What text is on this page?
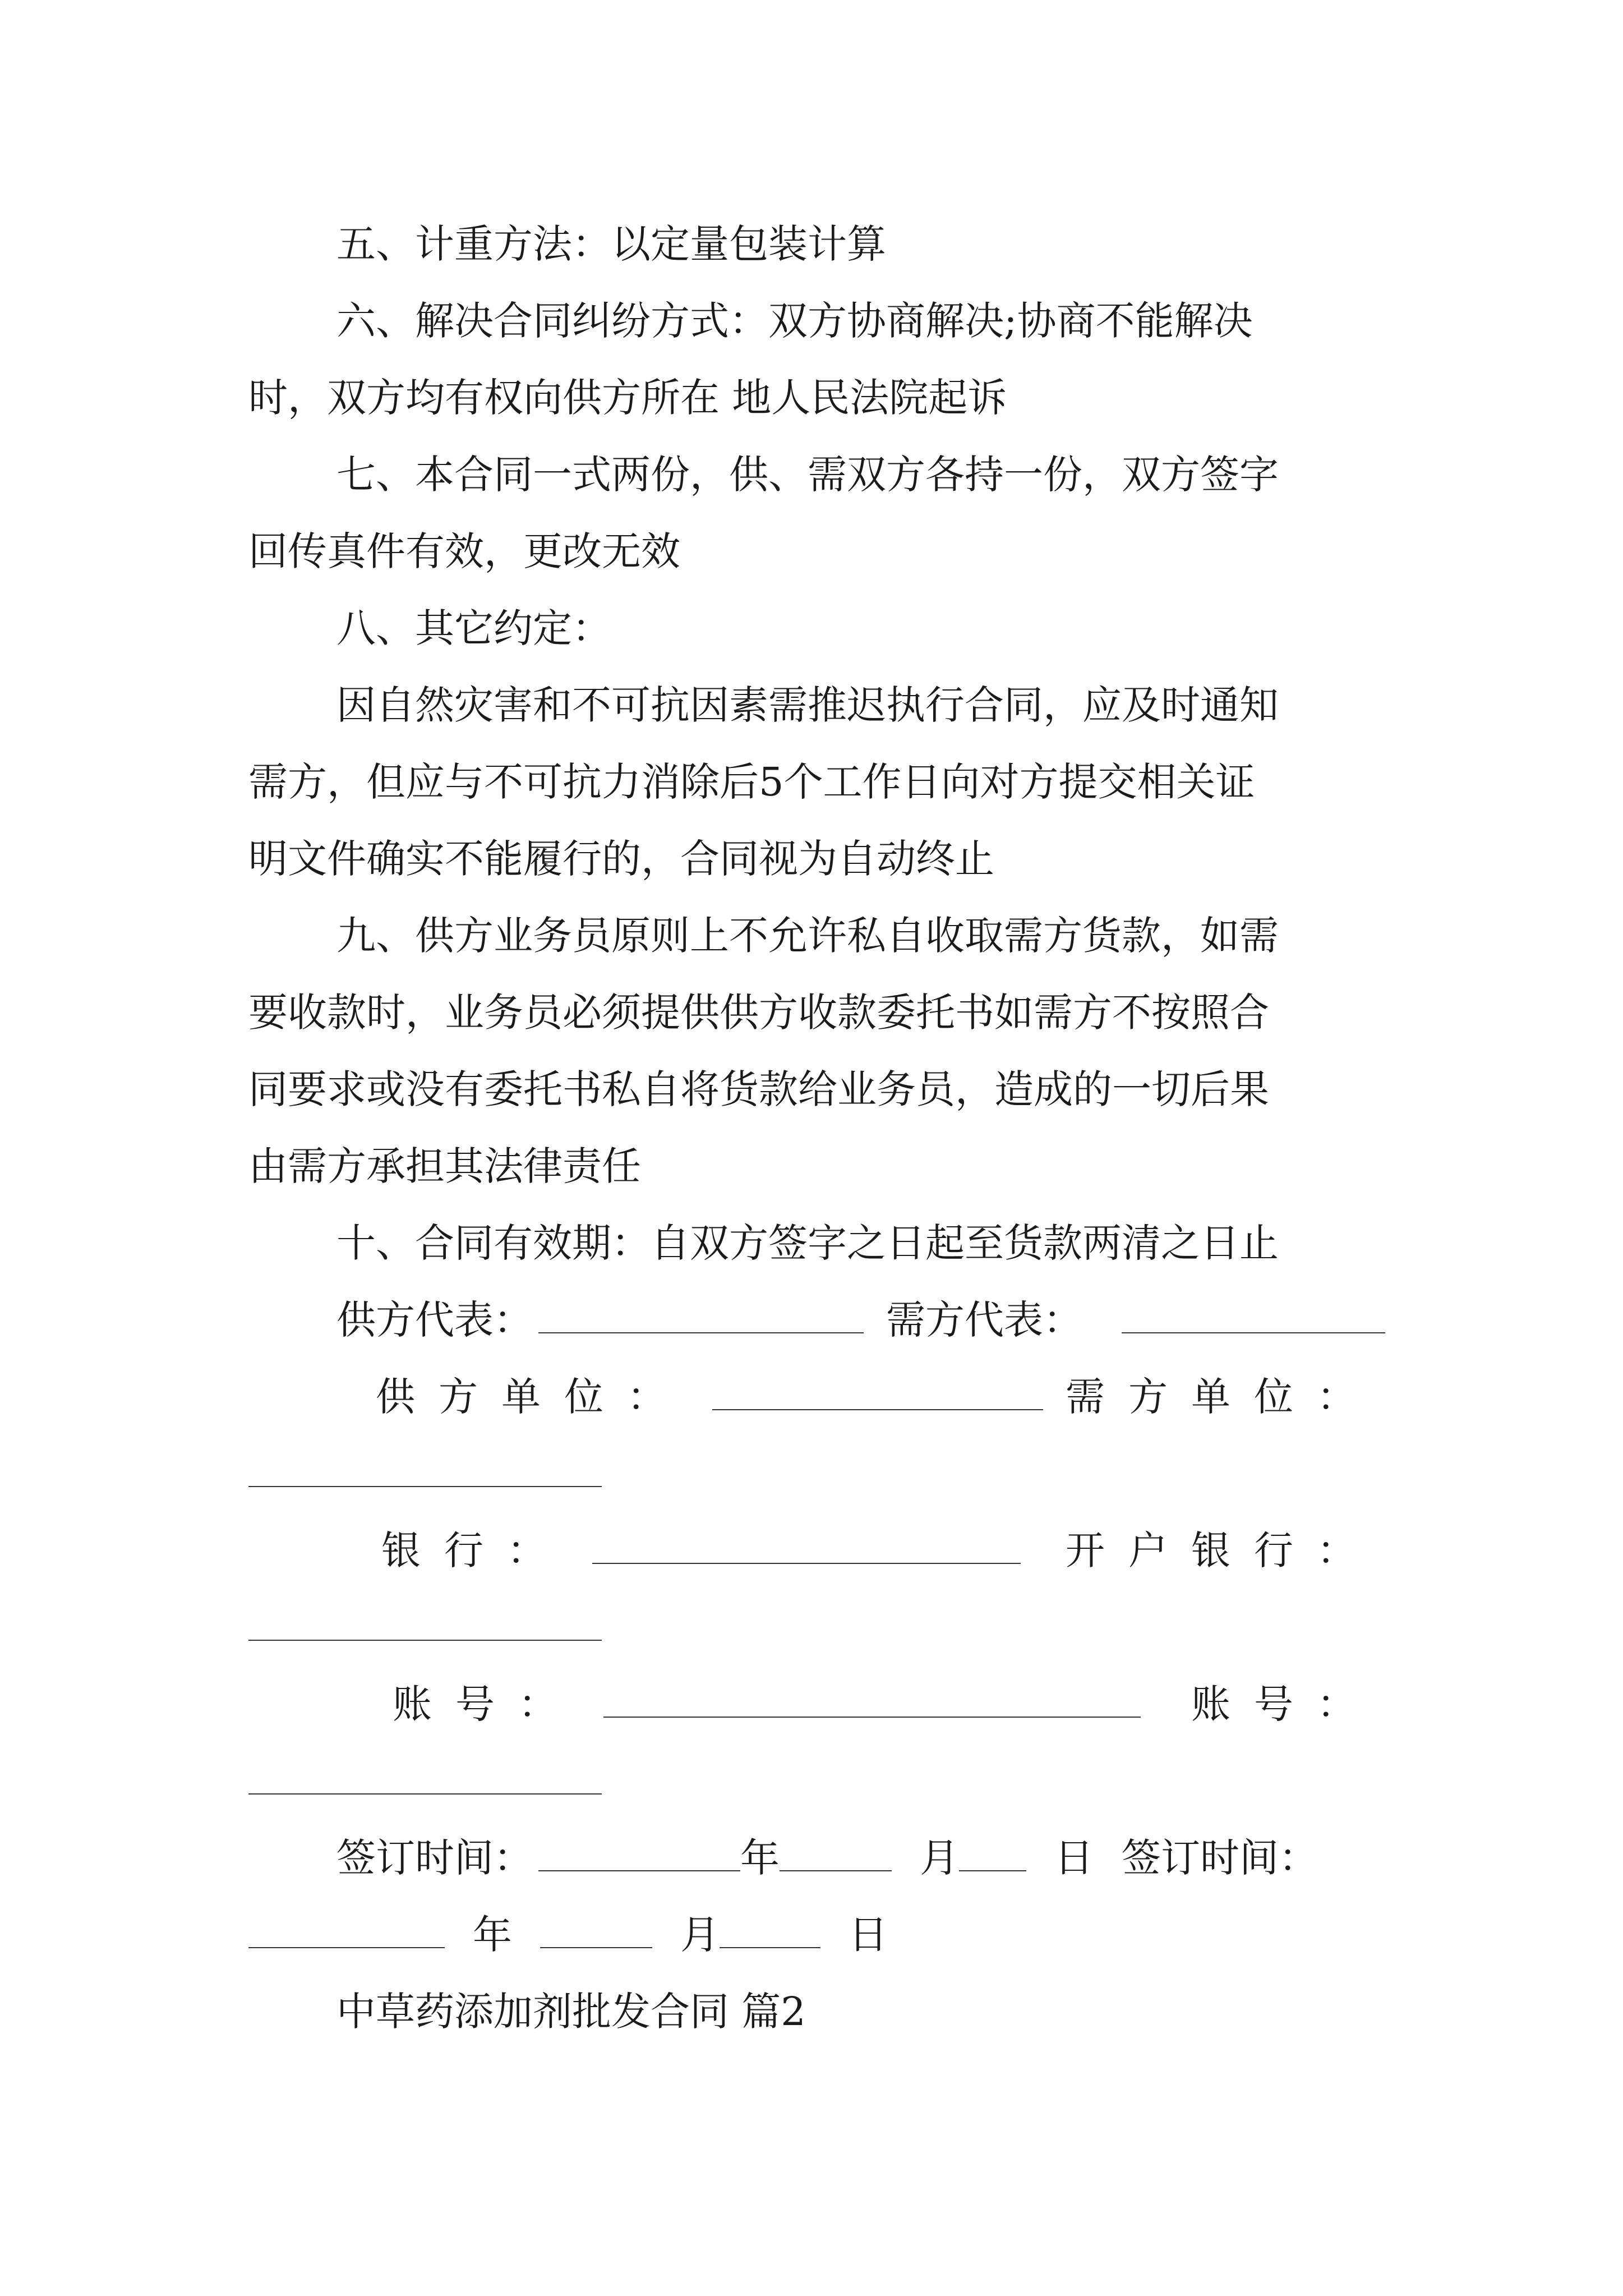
五、计重方法：以定量包装计算
六、解决合同纠纷方式：双方协商解决;协商不能解决
时，双方均有权向供方所在 地人民法院起诉
七、本合同一式两份，供、需双方各持一份，双方签字
回传真件有效，更改无效
八、其它约定：
因自然灾害和不可抗因素需推迟执行合同，应及时通知
需方，但应与不可抗力消除后5个工作日向对方提交相关证
明文件确实不能履行的，合同视为自动终止
九、供方业务员原则上不允许私自收取需方货款，如需
要收款时，业务员必须提供供方收款委托书如需方不按照合
同要求或没有委托书私自将货款给业务员，造成的一切后果
由需方承担其法律责任
十、合同有效期：自双方签字之日起至货款两清之日止
供方代表：	需方代表：
供方单位：	需方单位：
银行：	开户银行：
账号：	账号：
签订时间：	年	月 日 签订时间：
年	月	日
中草药添加剂批发合同 篇2
